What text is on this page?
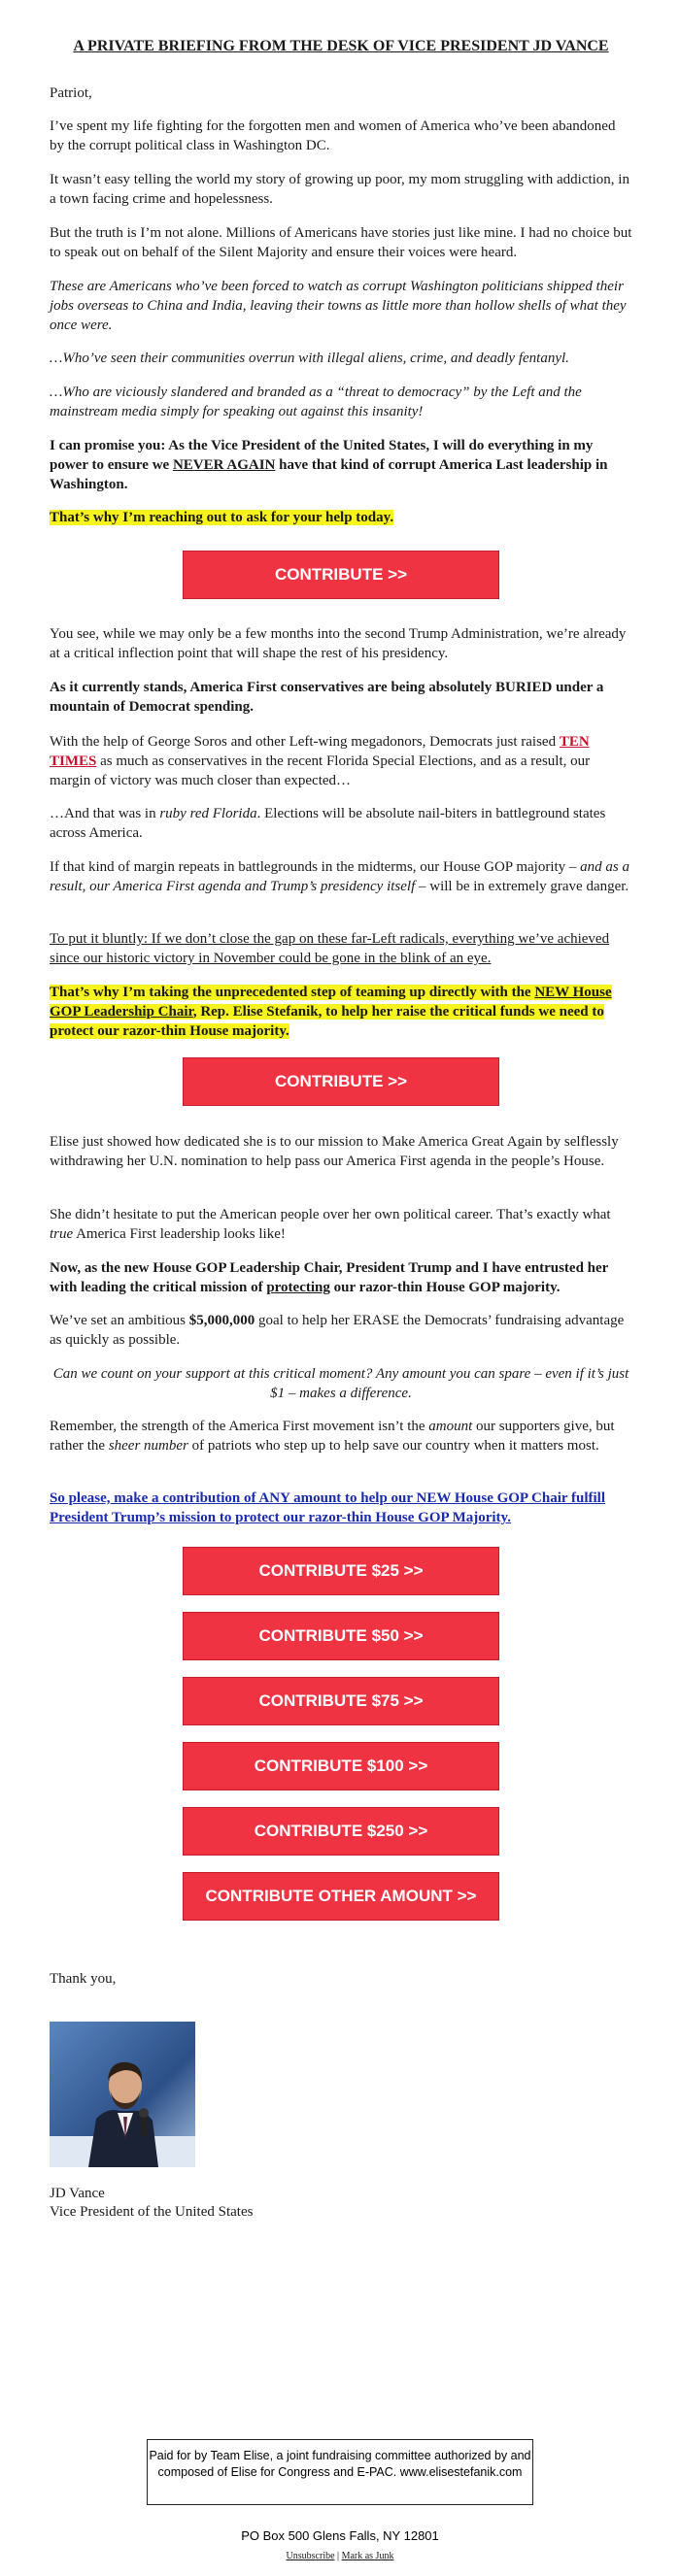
A PRIVATE BRIEFING FROM THE DESK OF VICE PRESIDENT JD VANCE

Patriot,

I’ve spent my life fighting for the forgotten men and women of America who’ve been abandoned by the corrupt political class in Washington DC.

It wasn’t easy telling the world my story of growing up poor, my mom struggling with addiction, in a town facing crime and hopelessness.

But the truth is I’m not alone. Millions of Americans have stories just like mine. I had no choice but to speak out on behalf of the Silent Majority and ensure their voices were heard.

These are Americans who’ve been forced to watch as corrupt Washington politicians shipped their jobs overseas to China and India, leaving their towns as little more than hollow shells of what they once were.

…Who’ve seen their communities overrun with illegal aliens, crime, and deadly fentanyl.

…Who are viciously slandered and branded as a “threat to democracy” by the Left and the mainstream media simply for speaking out against this insanity!

I can promise you: As the Vice President of the United States, I will do everything in my power to ensure we NEVER AGAIN have that kind of corrupt America Last leadership in Washington.

That’s why I’m reaching out to ask for your help today.

CONTRIBUTE >>

You see, while we may only be a few months into the second Trump Administration, we’re already at a critical inflection point that will shape the rest of his presidency.

As it currently stands, America First conservatives are being absolutely BURIED under a mountain of Democrat spending.

With the help of George Soros and other Left-wing megadonors, Democrats just raised TEN TIMES as much as conservatives in the recent Florida Special Elections, and as a result, our margin of victory was much closer than expected…

…And that was in ruby red Florida. Elections will be absolute nail-biters in battleground states across America.

If that kind of margin repeats in battlegrounds in the midterms, our House GOP majority – and as a result, our America First agenda and Trump’s presidency itself – will be in extremely grave danger.

To put it bluntly: If we don’t close the gap on these far-Left radicals, everything we’ve achieved since our historic victory in November could be gone in the blink of an eye.

That’s why I’m taking the unprecedented step of teaming up directly with the NEW House GOP Leadership Chair, Rep. Elise Stefanik, to help her raise the critical funds we need to protect our razor-thin House majority.

CONTRIBUTE >>

Elise just showed how dedicated she is to our mission to Make America Great Again by selflessly withdrawing her U.N. nomination to help pass our America First agenda in the people’s House.

She didn’t hesitate to put the American people over her own political career. That’s exactly what true America First leadership looks like!

Now, as the new House GOP Leadership Chair, President Trump and I have entrusted her with leading the critical mission of protecting our razor-thin House GOP majority.

We’ve set an ambitious $5,000,000 goal to help her ERASE the Democrats’ fundraising advantage as quickly as possible.

Can we count on your support at this critical moment? Any amount you can spare – even if it’s just $1 – makes a difference.

Remember, the strength of the America First movement isn’t the amount our supporters give, but rather the sheer number of patriots who step up to help save our country when it matters most.

So please, make a contribution of ANY amount to help our NEW House GOP Chair fulfill President Trump’s mission to protect our razor-thin House GOP Majority.

CONTRIBUTE $25 >>
CONTRIBUTE $50 >>
CONTRIBUTE $75 >>
CONTRIBUTE $100 >>
CONTRIBUTE $250 >>
CONTRIBUTE OTHER AMOUNT >>

Thank you,

JD Vance

Vice President of the United States

Paid for by Team Elise, a joint fundraising committee authorized by and composed of Elise for Congress and E-PAC. www.elisestefanik.com
PO Box 500 Glens Falls, NY 12801
Unsubscribe | Mark as Junk
